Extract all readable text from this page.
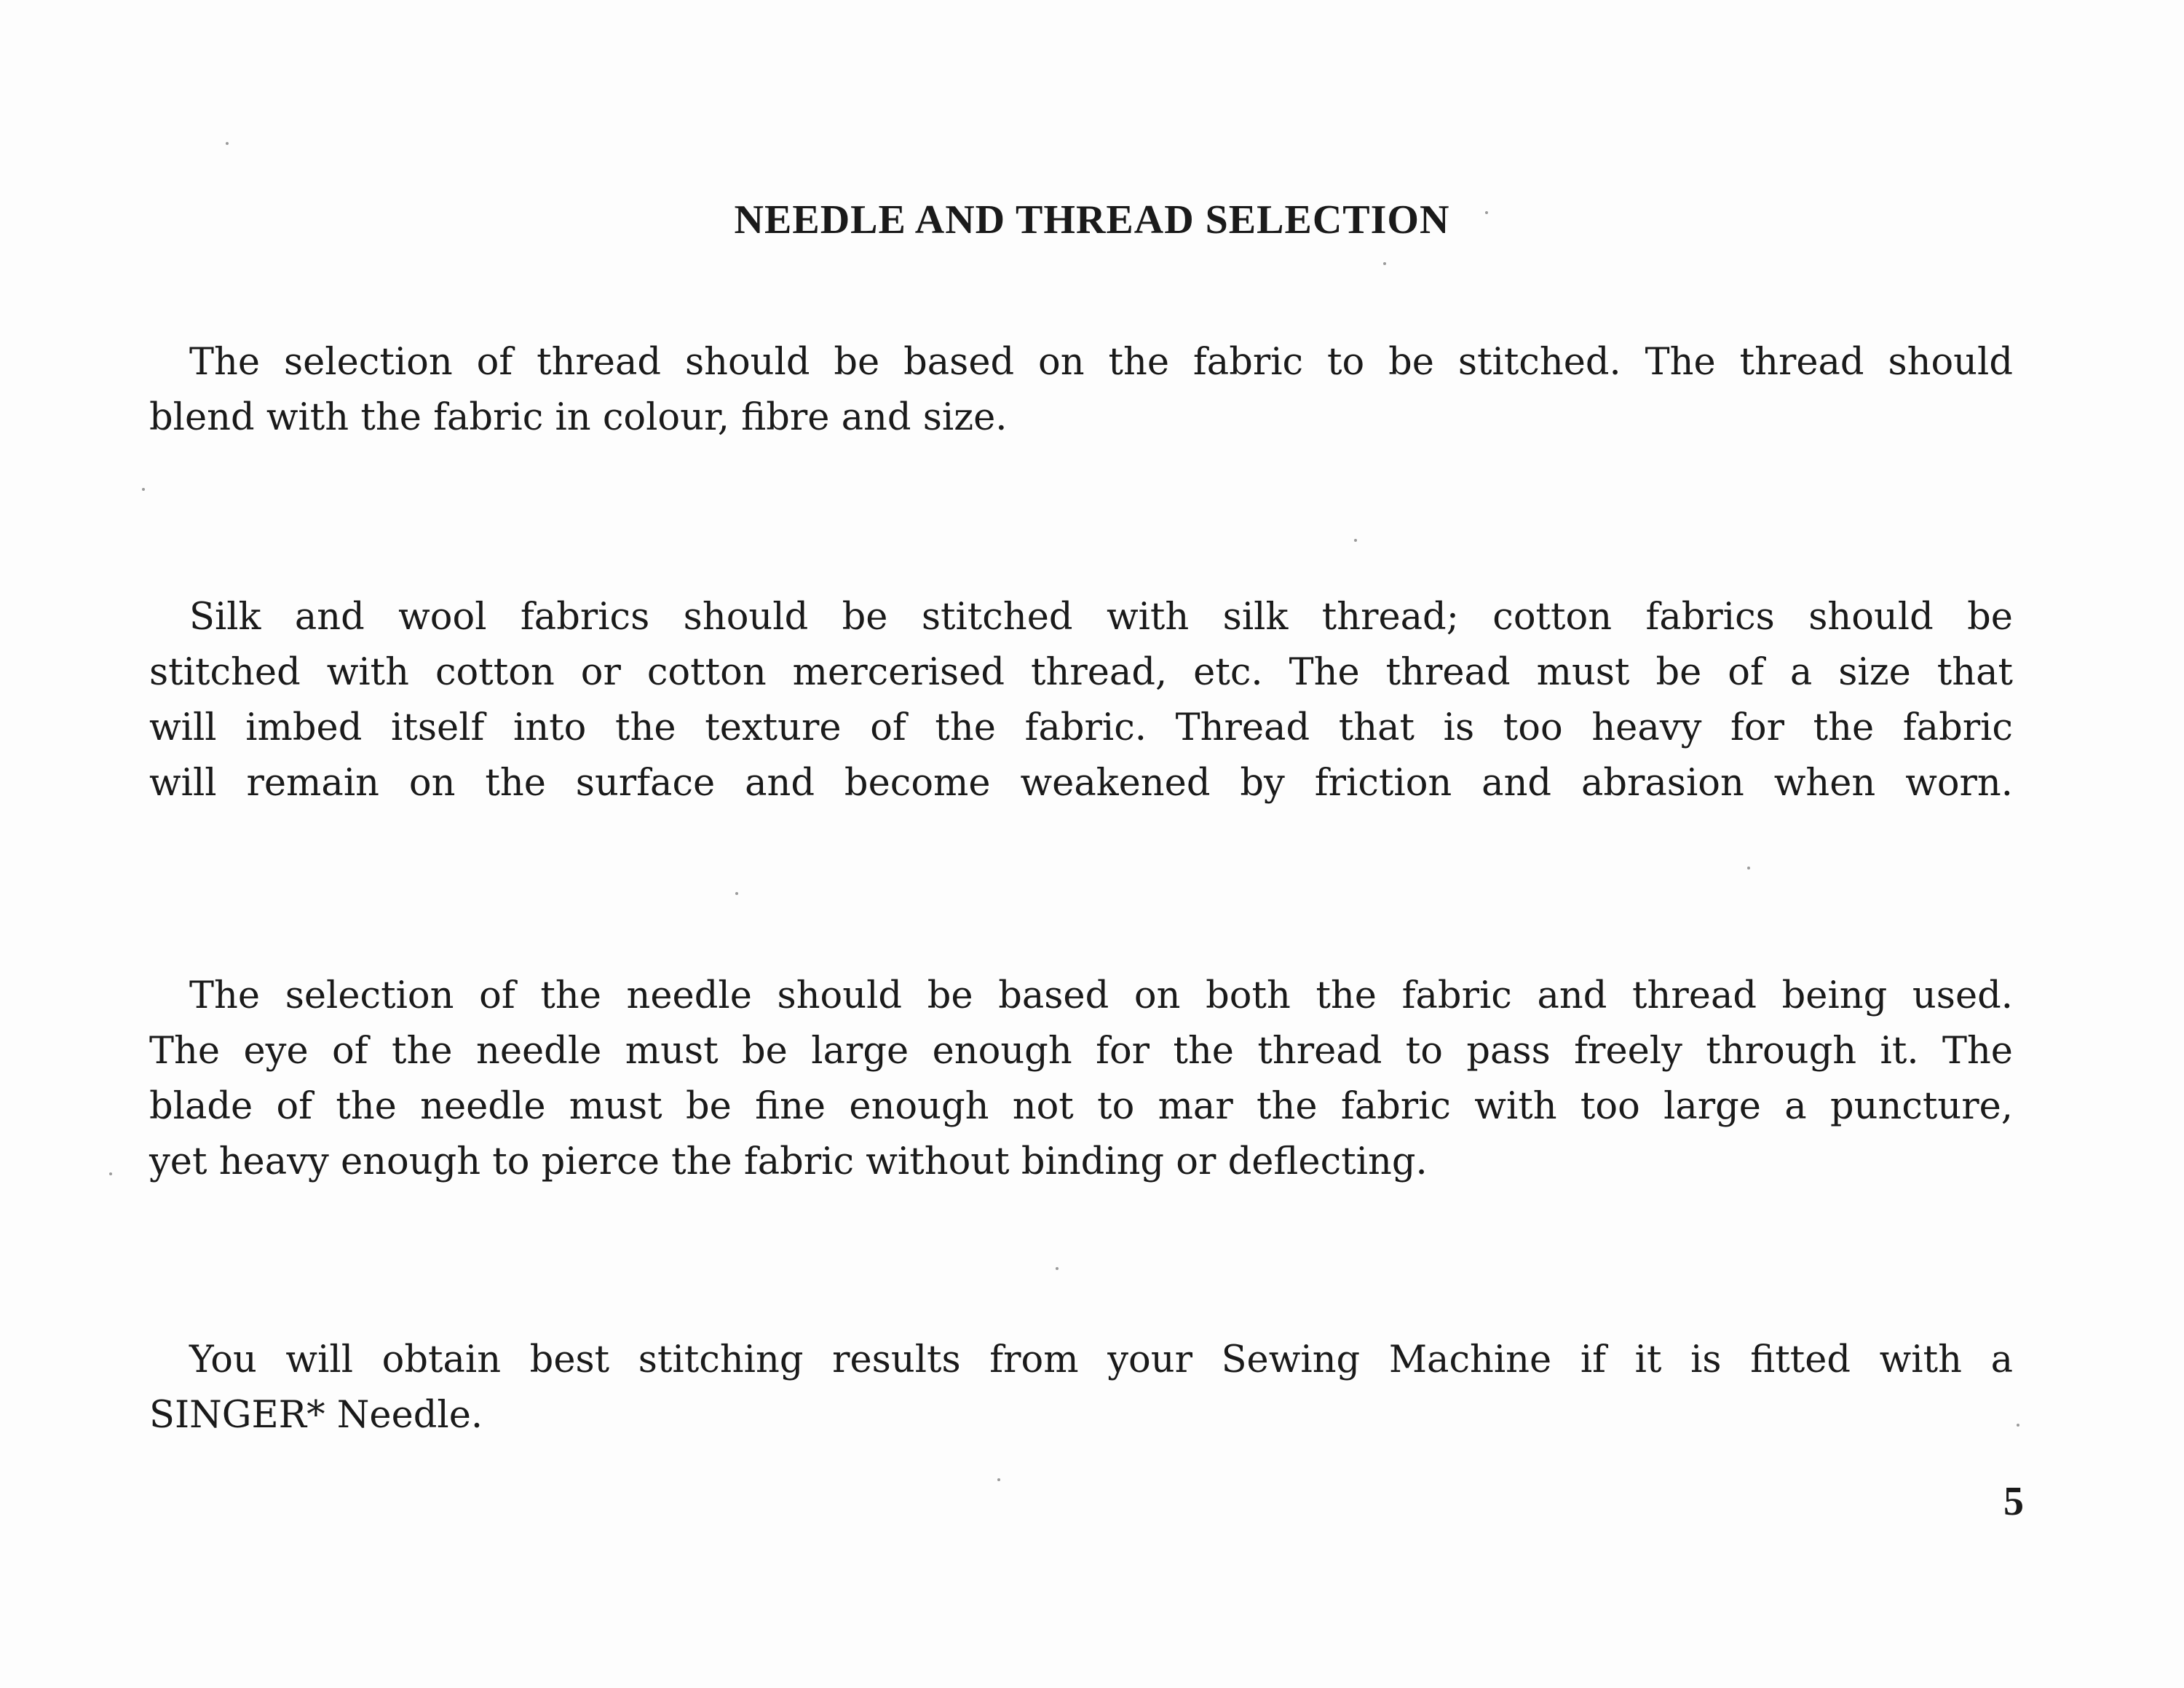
NEEDLE AND THREAD SELECTION

The selection of thread should be based on the fabric to be stitched. The thread should
blend with the fabric in colour, fibre and size.

Silk and wool fabrics should be stitched with silk thread; cotton fabrics should be
stitched with cotton or cotton mercerised thread, etc. The thread must be of a size that
will imbed itself into the texture of the fabric. Thread that is too heavy for the fabric
will remain on the surface and become weakened by friction and abrasion when worn.

The selection of the needle should be based on both the fabric and thread being used.
The eye of the needle must be large enough for the thread to pass freely through it. The
blade of the needle must be fine enough not to mar the fabric with too large a puncture,
yet heavy enough to pierce the fabric without binding or deflecting.

You will obtain best stitching results from your Sewing Machine if it is fitted with a
SINGER* Needle.

5
